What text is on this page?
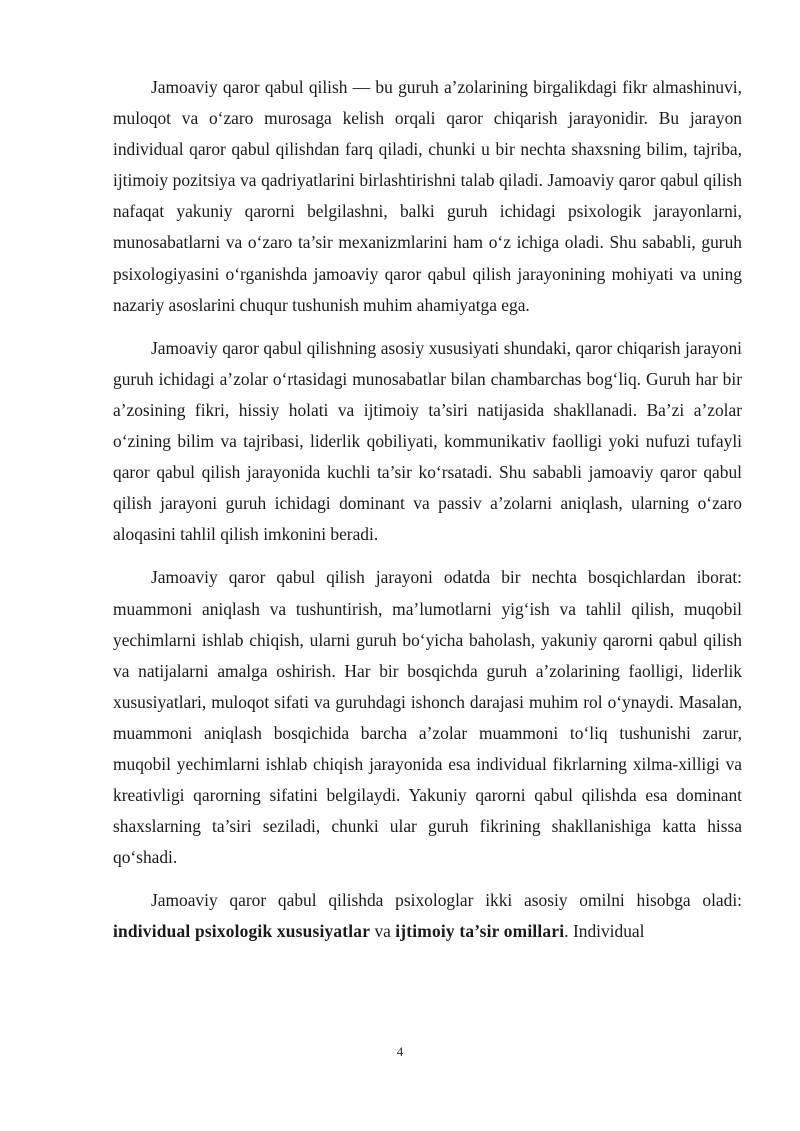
Jamoaviy qaror qabul qilish — bu guruh a’zolarining birgalikdagi fikr almashinuvi, muloqot va o‘zaro murosaga kelish orqali qaror chiqarish jarayonidir. Bu jarayon individual qaror qabul qilishdan farq qiladi, chunki u bir nechta shaxsning bilim, tajriba, ijtimoiy pozitsiya va qadriyatlarini birlashtirishni talab qiladi. Jamoaviy qaror qabul qilish nafaqat yakuniy qarorni belgilashni, balki guruh ichidagi psixologik jarayonlarni, munosabatlarni va o‘zaro ta’sir mexanizmlarini ham o‘z ichiga oladi. Shu sababli, guruh psixologiyasini o‘rganishda jamoaviy qaror qabul qilish jarayonining mohiyati va uning nazariy asoslarini chuqur tushunish muhim ahamiyatga ega.

Jamoaviy qaror qabul qilishning asosiy xususiyati shundaki, qaror chiqarish jarayoni guruh ichidagi a’zolar o‘rtasidagi munosabatlar bilan chambarchas bog‘liq. Guruh har bir a’zosining fikri, hissiy holati va ijtimoiy ta’siri natijasida shakllanadi. Ba’zi a’zolar o‘zining bilim va tajribasi, liderlik qobiliyati, kommunikativ faolligi yoki nufuzi tufayli qaror qabul qilish jarayonida kuchli ta’sir ko‘rsatadi. Shu sababli jamoaviy qaror qabul qilish jarayoni guruh ichidagi dominant va passiv a’zolarni aniqlash, ularning o‘zaro aloqasini tahlil qilish imkonini beradi.

Jamoaviy qaror qabul qilish jarayoni odatda bir nechta bosqichlardan iborat: muammoni aniqlash va tushuntirish, ma’lumotlarni yig‘ish va tahlil qilish, muqobil yechimlarni ishlab chiqish, ularni guruh bo‘yicha baholash, yakuniy qarorni qabul qilish va natijalarni amalga oshirish. Har bir bosqichda guruh a’zolarining faolligi, liderlik xususiyatlari, muloqot sifati va guruhdagi ishonch darajasi muhim rol o‘ynaydi. Masalan, muammoni aniqlash bosqichida barcha a’zolar muammoni to‘liq tushunishi zarur, muqobil yechimlarni ishlab chiqish jarayonida esa individual fikrlarning xilma-xilligi va kreativligi qarorning sifatini belgilaydi. Yakuniy qarorni qabul qilishda esa dominant shaxslarning ta’siri seziladi, chunki ular guruh fikrining shakllanishiga katta hissa qo‘shadi.

Jamoaviy qaror qabul qilishda psixologlar ikki asosiy omilni hisobga oladi: individual psixologik xususiyatlar va ijtimoiy ta’sir omillari. Individual

4
